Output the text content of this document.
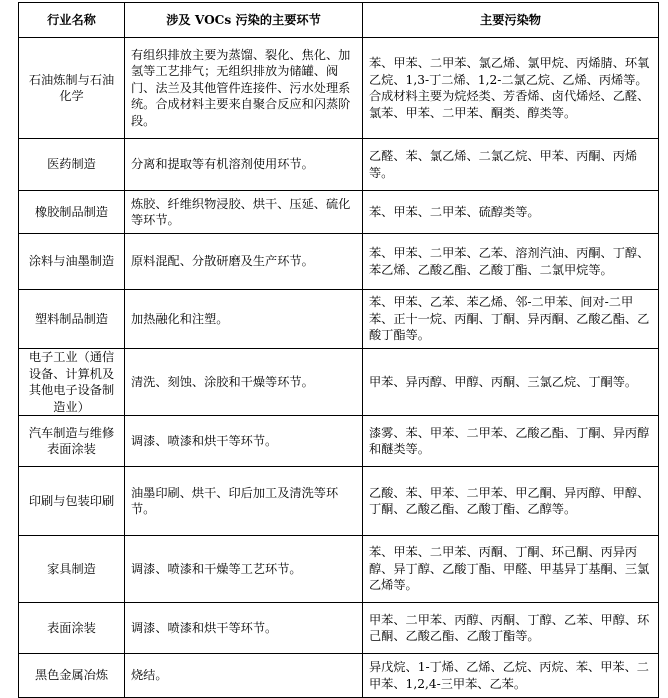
行业名称	涉及 VOCs 污染的主要环节	主要污染物
石油炼制与石油化学	有组织排放主要为蒸馏、裂化、焦化、加氢等工艺排气；无组织排放为储罐、阀门、法兰及其他管件连接件、污水处理系统。合成材料主要来自聚合反应和闪蒸阶段。	苯、甲苯、二甲苯、氯乙烯、氯甲烷、丙烯腈、环氧乙烷、1,3-丁二烯、1,2-二氯乙烷、乙烯、丙烯等。合成材料主要为烷烃类、芳香烯、卤代烯烃、乙醛、氯苯、甲苯、二甲苯、酮类、醇类等。
医药制造	分离和提取等有机溶剂使用环节。	乙醛、苯、氯乙烯、二氯乙烷、甲苯、丙酮、丙烯等。
橡胶制品制造	炼胶、纤维织物浸胶、烘干、压延、硫化等环节。	苯、甲苯、二甲苯、硫醇类等。
涂料与油墨制造	原料混配、分散研磨及生产环节。	苯、甲苯、二甲苯、乙苯、溶剂汽油、丙酮、丁醇、苯乙烯、乙酸乙酯、乙酸丁酯、二氯甲烷等。
塑料制品制造	加热融化和注塑。	苯、甲苯、乙苯、苯乙烯、邻-二甲苯、间对-二甲苯、正十一烷、丙酮、丁酮、异丙酮、乙酸乙酯、乙酸丁酯等。
电子工业（通信设备、计算机及其他电子设备制造业）	清洗、刻蚀、涂胶和干燥等环节。	甲苯、异丙醇、甲醇、丙酮、三氯乙烷、丁酮等。
汽车制造与维修表面涂装	调漆、喷漆和烘干等环节。	漆雾、苯、甲苯、二甲苯、乙酸乙酯、丁酮、异丙醇和醚类等。
印刷与包装印刷	油墨印刷、烘干、印后加工及清洗等环节。	乙酸、苯、甲苯、二甲苯、甲乙酮、异丙醇、甲醇、丁酮、乙酸乙酯、乙酸丁酯、乙醇等。
家具制造	调漆、喷漆和干燥等工艺环节。	苯、甲苯、二甲苯、丙酮、丁酮、环己酮、丙异丙醇、异丁醇、乙酸丁酯、甲醛、甲基异丁基酮、三氯乙烯等。
表面涂装	调漆、喷漆和烘干等环节。	甲苯、二甲苯、丙醇、丙酮、丁醇、乙苯、甲醇、环己酮、乙酸乙酯、乙酸丁酯等。
黑色金属冶炼	烧结。	异戊烷、1-丁烯、乙烯、乙烷、丙烷、苯、甲苯、二甲苯、1,2,4-三甲苯、乙苯。
